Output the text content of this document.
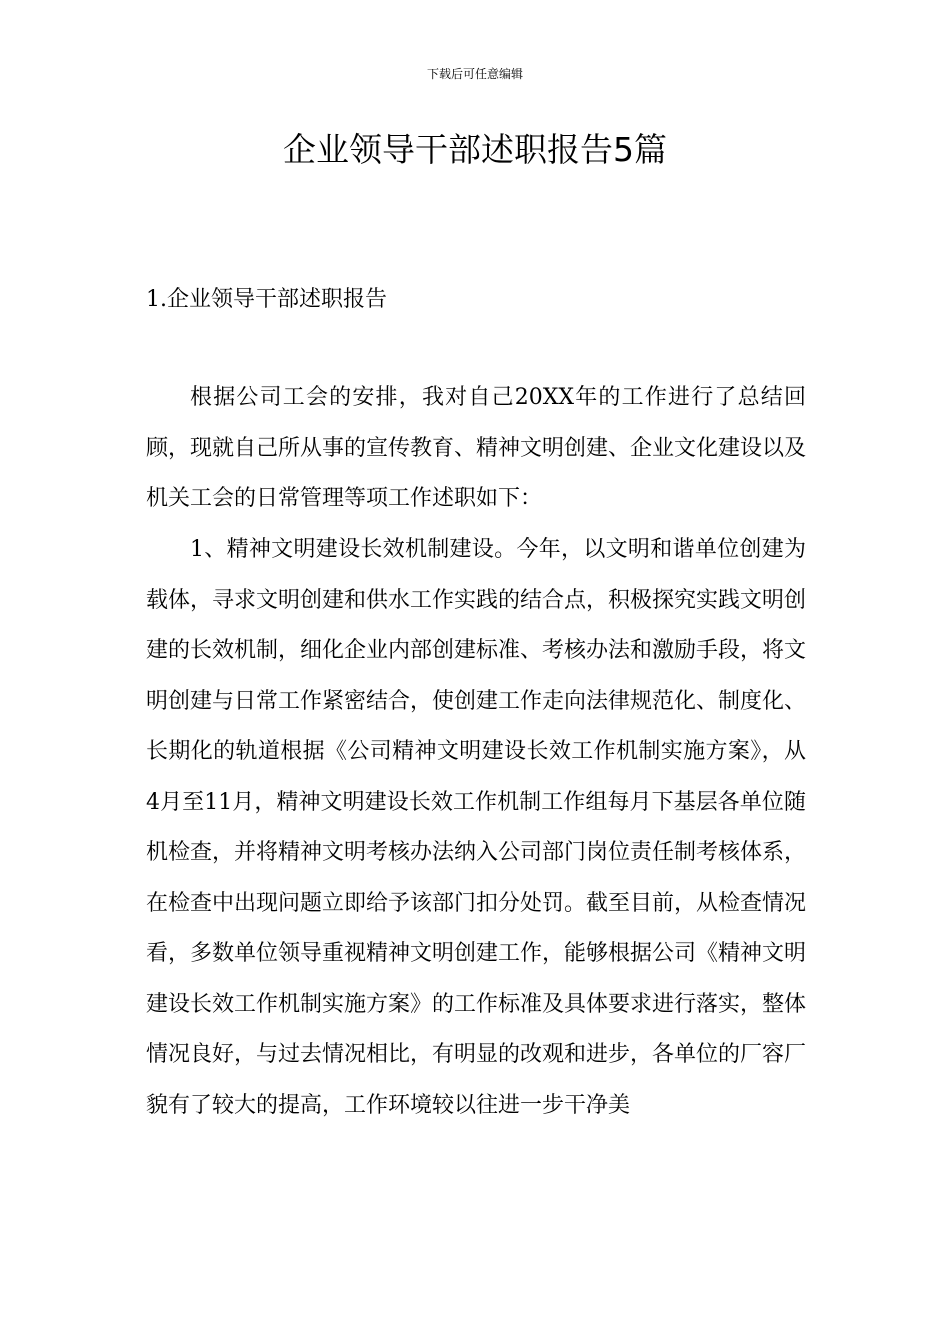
下载后可任意编辑
企业领导干部述职报告5篇
1.企业领导干部述职报告

根据公司工会的安排，我对自己20XX年的工作进行了总结回顾，现就自己所从事的宣传教育、精神文明创建、企业文化建设以及机关工会的日常管理等项工作述职如下：

1、精神文明建设长效机制建设。今年，以文明和谐单位创建为载体，寻求文明创建和供水工作实践的结合点，积极探究实践文明创建的长效机制，细化企业内部创建标准、考核办法和激励手段，将文明创建与日常工作紧密结合，使创建工作走向法律规范化、制度化、长期化的轨道根据《公司精神文明建设长效工作机制实施方案》，从4月至11月，精神文明建设长效工作机制工作组每月下基层各单位随机检查，并将精神文明考核办法纳入公司部门岗位责任制考核体系，在检查中出现问题立即给予该部门扣分处罚。截至目前，从检查情况看，多数单位领导重视精神文明创建工作，能够根据公司《精神文明建设长效工作机制实施方案》的工作标准及具体要求进行落实，整体情况良好，与过去情况相比，有明显的改观和进步，各单位的厂容厂貌有了较大的提高，工作环境较以往进一步干净美
